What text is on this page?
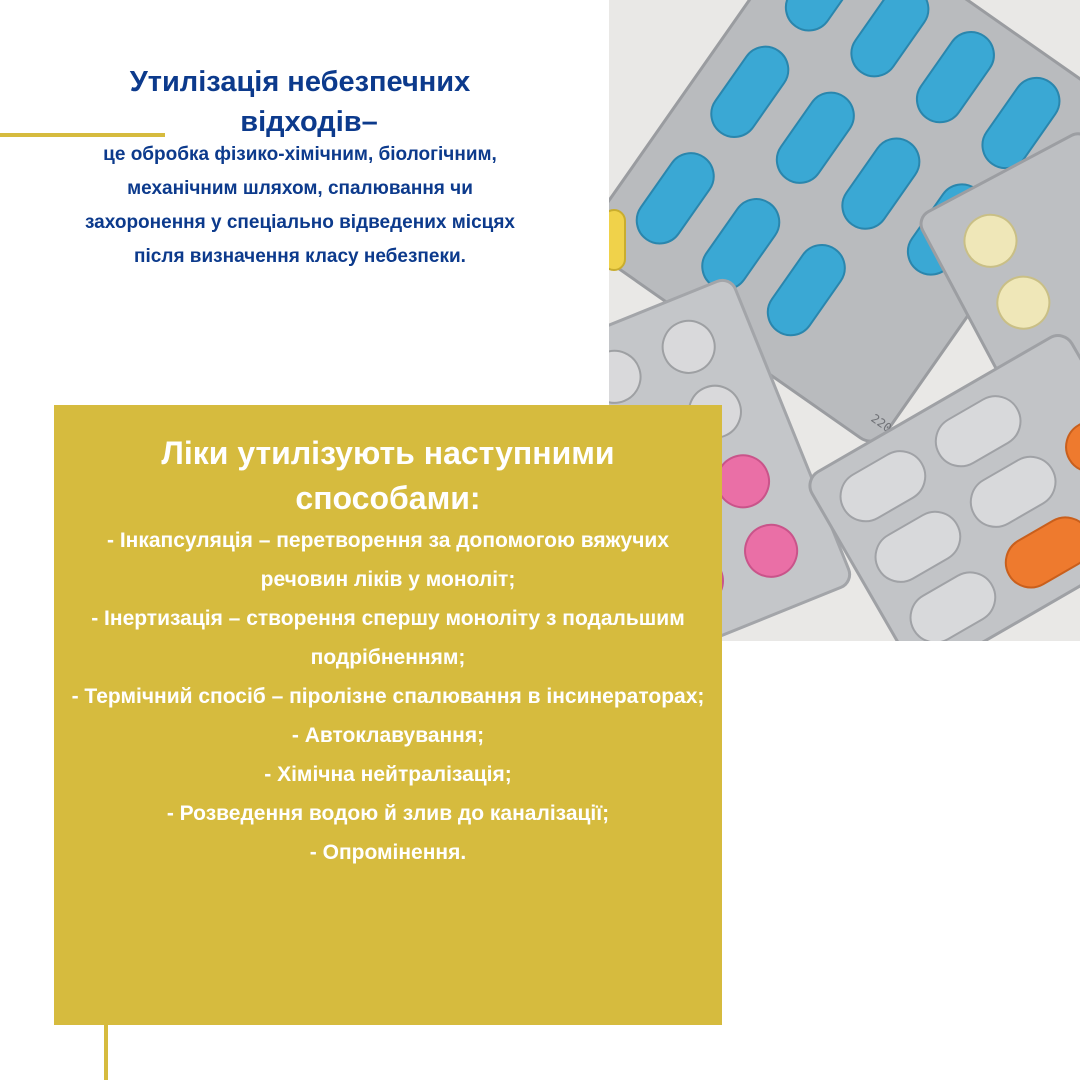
Утилізація небезпечних
відходів–
це обробка фізико-хімічним, біологічним, механічним шляхом, спалювання чи захоронення у спеціально відведених місцях після визначення класу небезпеки.
Ліки утилізують наступними способами:
- Інкапсуляція – перетворення за допомогою вяжучих речовин ліків у моноліт;
- Інертизація – створення спершу моноліту з подальшим подрібненням;
- Термічний спосіб – піролізне спалювання в інсинераторах;
- Автоклавування;
- Хімічна нейтралізація;
- Розведення водою й злив до каналізації;
- Опромінення.
